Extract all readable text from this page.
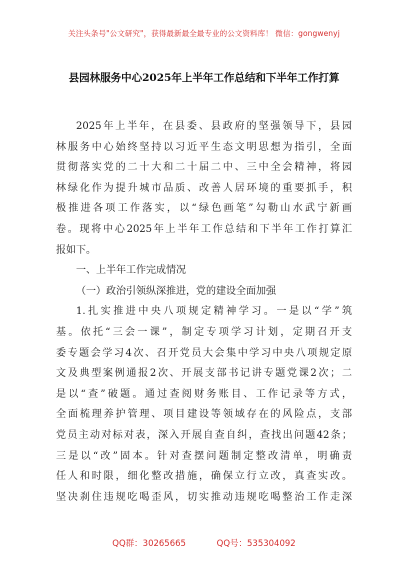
关注头条号"公文研究"，获得最新最全最专业的公文资料库！ 微信：gongwenyj
县园林服务中心2025年上半年工作总结和下半年工作打算
2025年上半年，在县委、县政府的坚强领导下，县园
林服务中心始终坚持以习近平生态文明思想为指引，全面
贯彻落实党的二十大和二十届二中、三中全会精神，将园
林绿化作为提升城市品质、改善人居环境的重要抓手，积
极推进各项工作落实，以“绿色画笔”勾勒山水武宁新画
卷。现将中心2025年上半年工作总结和下半年工作打算汇
报如下。
一、上半年工作完成情况
（一）政治引领纵深推进，党的建设全面加强
1.扎实推进中央八项规定精神学习。一是以“学”筑
基。依托“三会一课”，制定专项学习计划，定期召开支
委专题会学习4次、召开党员大会集中学习中央八项规定原
文及典型案例通报2次、开展支部书记讲专题党课2次；二
是以“查”破题。通过查阅财务账目、工作记录等方式，
全面梳理养护管理、项目建设等领域存在的风险点，支部
党员主动对标对表，深入开展自查自纠，查找出问题42条；
三是以“改”固本。针对查摆问题制定整改清单，明确责
任人和时限，细化整改措施，确保立行立改，真查实改。
坚决刹住违规吃喝歪风，切实推动违规吃喝整治工作走深
QQ群：30265665	QQ号：535304092
